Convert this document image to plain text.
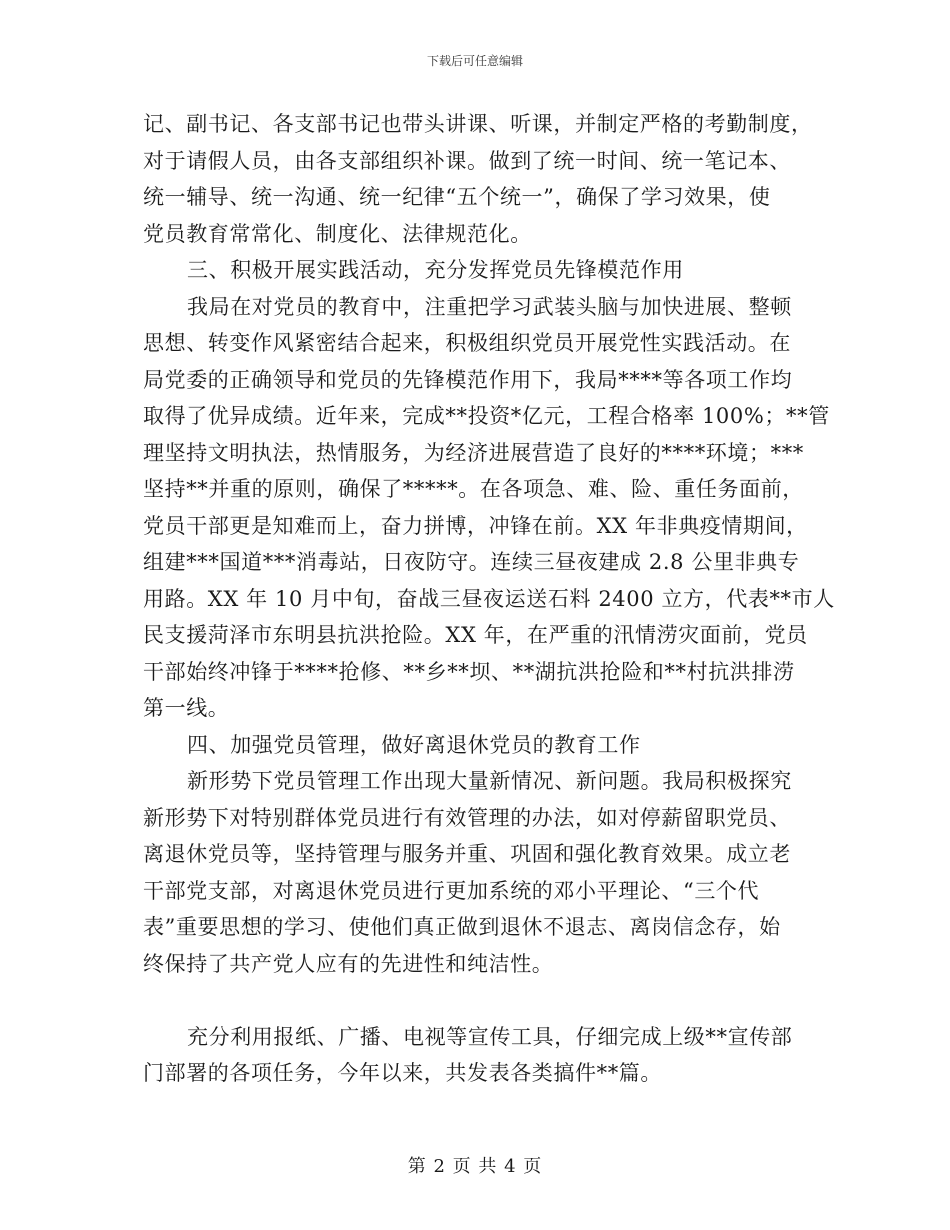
下载后可任意编辑
记、副书记、各支部书记也带头讲课、听课，并制定严格的考勤制度，
对于请假人员，由各支部组织补课。做到了统一时间、统一笔记本、
统一辅导、统一沟通、统一纪律“五个统一”，确保了学习效果，使
党员教育常常化、制度化、法律规范化。
三、积极开展实践活动，充分发挥党员先锋模范作用
我局在对党员的教育中，注重把学习武装头脑与加快进展、整顿
思想、转变作风紧密结合起来，积极组织党员开展党性实践活动。在
局党委的正确领导和党员的先锋模范作用下，我局****等各项工作均
取得了优异成绩。近年来，完成**投资*亿元，工程合格率 100%；**管
理坚持文明执法，热情服务，为经济进展营造了良好的****环境；***
坚持**并重的原则，确保了*****。在各项急、难、险、重任务面前，
党员干部更是知难而上，奋力拼博，冲锋在前。XX 年非典疫情期间，
组建***国道***消毒站，日夜防守。连续三昼夜建成 2.8 公里非典专
用路。XX 年 10 月中旬，奋战三昼夜运送石料 2400 立方，代表**市人
民支援菏泽市东明县抗洪抢险。XX 年，在严重的汛情涝灾面前，党员
干部始终冲锋于****抢修、**乡**坝、**湖抗洪抢险和**村抗洪排涝
第一线。
四、加强党员管理，做好离退休党员的教育工作
新形势下党员管理工作出现大量新情况、新问题。我局积极探究
新形势下对特别群体党员进行有效管理的办法，如对停薪留职党员、
离退休党员等，坚持管理与服务并重、巩固和强化教育效果。成立老
干部党支部，对离退休党员进行更加系统的邓小平理论、“三个代
表”重要思想的学习、使他们真正做到退休不退志、离岗信念存，始
终保持了共产党人应有的先进性和纯洁性。
充分利用报纸、广播、电视等宣传工具，仔细完成上级**宣传部
门部署的各项任务，今年以来，共发表各类搞件**篇。
第 2 页 共 4 页
